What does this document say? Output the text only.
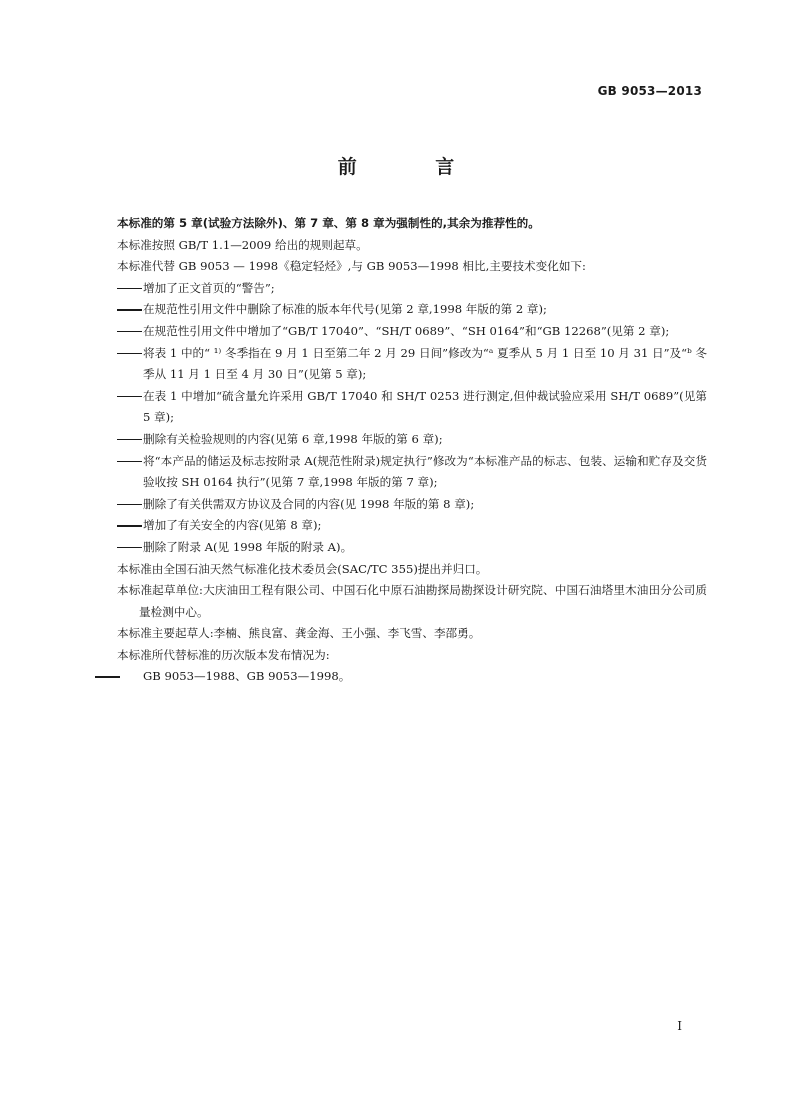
GB 9053—2013
前 言

本标准的第 5 章(试验方法除外)、第 7 章、第 8 章为强制性的,其余为推荐性的。

本标准按照 GB/T 1.1—2009 给出的规则起草。

本标准代替 GB 9053 — 1998《稳定轻烃》,与 GB 9053—1998 相比,主要技术变化如下:

增加了正文首页的“警告”;
在规范性引用文件中删除了标准的版本年代号(见第 2 章,1998 年版的第 2 章);
在规范性引用文件中增加了“GB/T 17040”、“SH/T 0689”、“SH 0164”和“GB 12268”(见第 2 章);
将表 1 中的“ ¹⁾ 冬季指在 9 月 1 日至第二年 2 月 29 日间”修改为“ᵃ 夏季从 5 月 1 日至 10 月 31 日”及“ᵇ 冬季从 11 月 1 日至 4 月 30 日”(见第 5 章);
在表 1 中增加“硫含量允许采用 GB/T 17040 和 SH/T 0253 进行测定,但仲裁试验应采用 SH/T 0689”(见第 5 章);
删除有关检验规则的内容(见第 6 章,1998 年版的第 6 章);
将“本产品的储运及标志按附录 A(规范性附录)规定执行”修改为“本标准产品的标志、包装、运输和贮存及交货验收按 SH 0164 执行”(见第 7 章,1998 年版的第 7 章);
删除了有关供需双方协议及合同的内容(见 1998 年版的第 8 章);
增加了有关安全的内容(见第 8 章);
删除了附录 A(见 1998 年版的附录 A)。

本标准由全国石油天然气标准化技术委员会(SAC/TC 355)提出并归口。

本标准起草单位:大庆油田工程有限公司、中国石化中原石油勘探局勘探设计研究院、中国石油塔里木油田分公司质量检测中心。

本标准主要起草人:李楠、熊良富、龚金海、王小强、李飞雪、李邵勇。

本标准所代替标准的历次版本发布情况为:

GB 9053—1988、GB 9053—1998。
I
